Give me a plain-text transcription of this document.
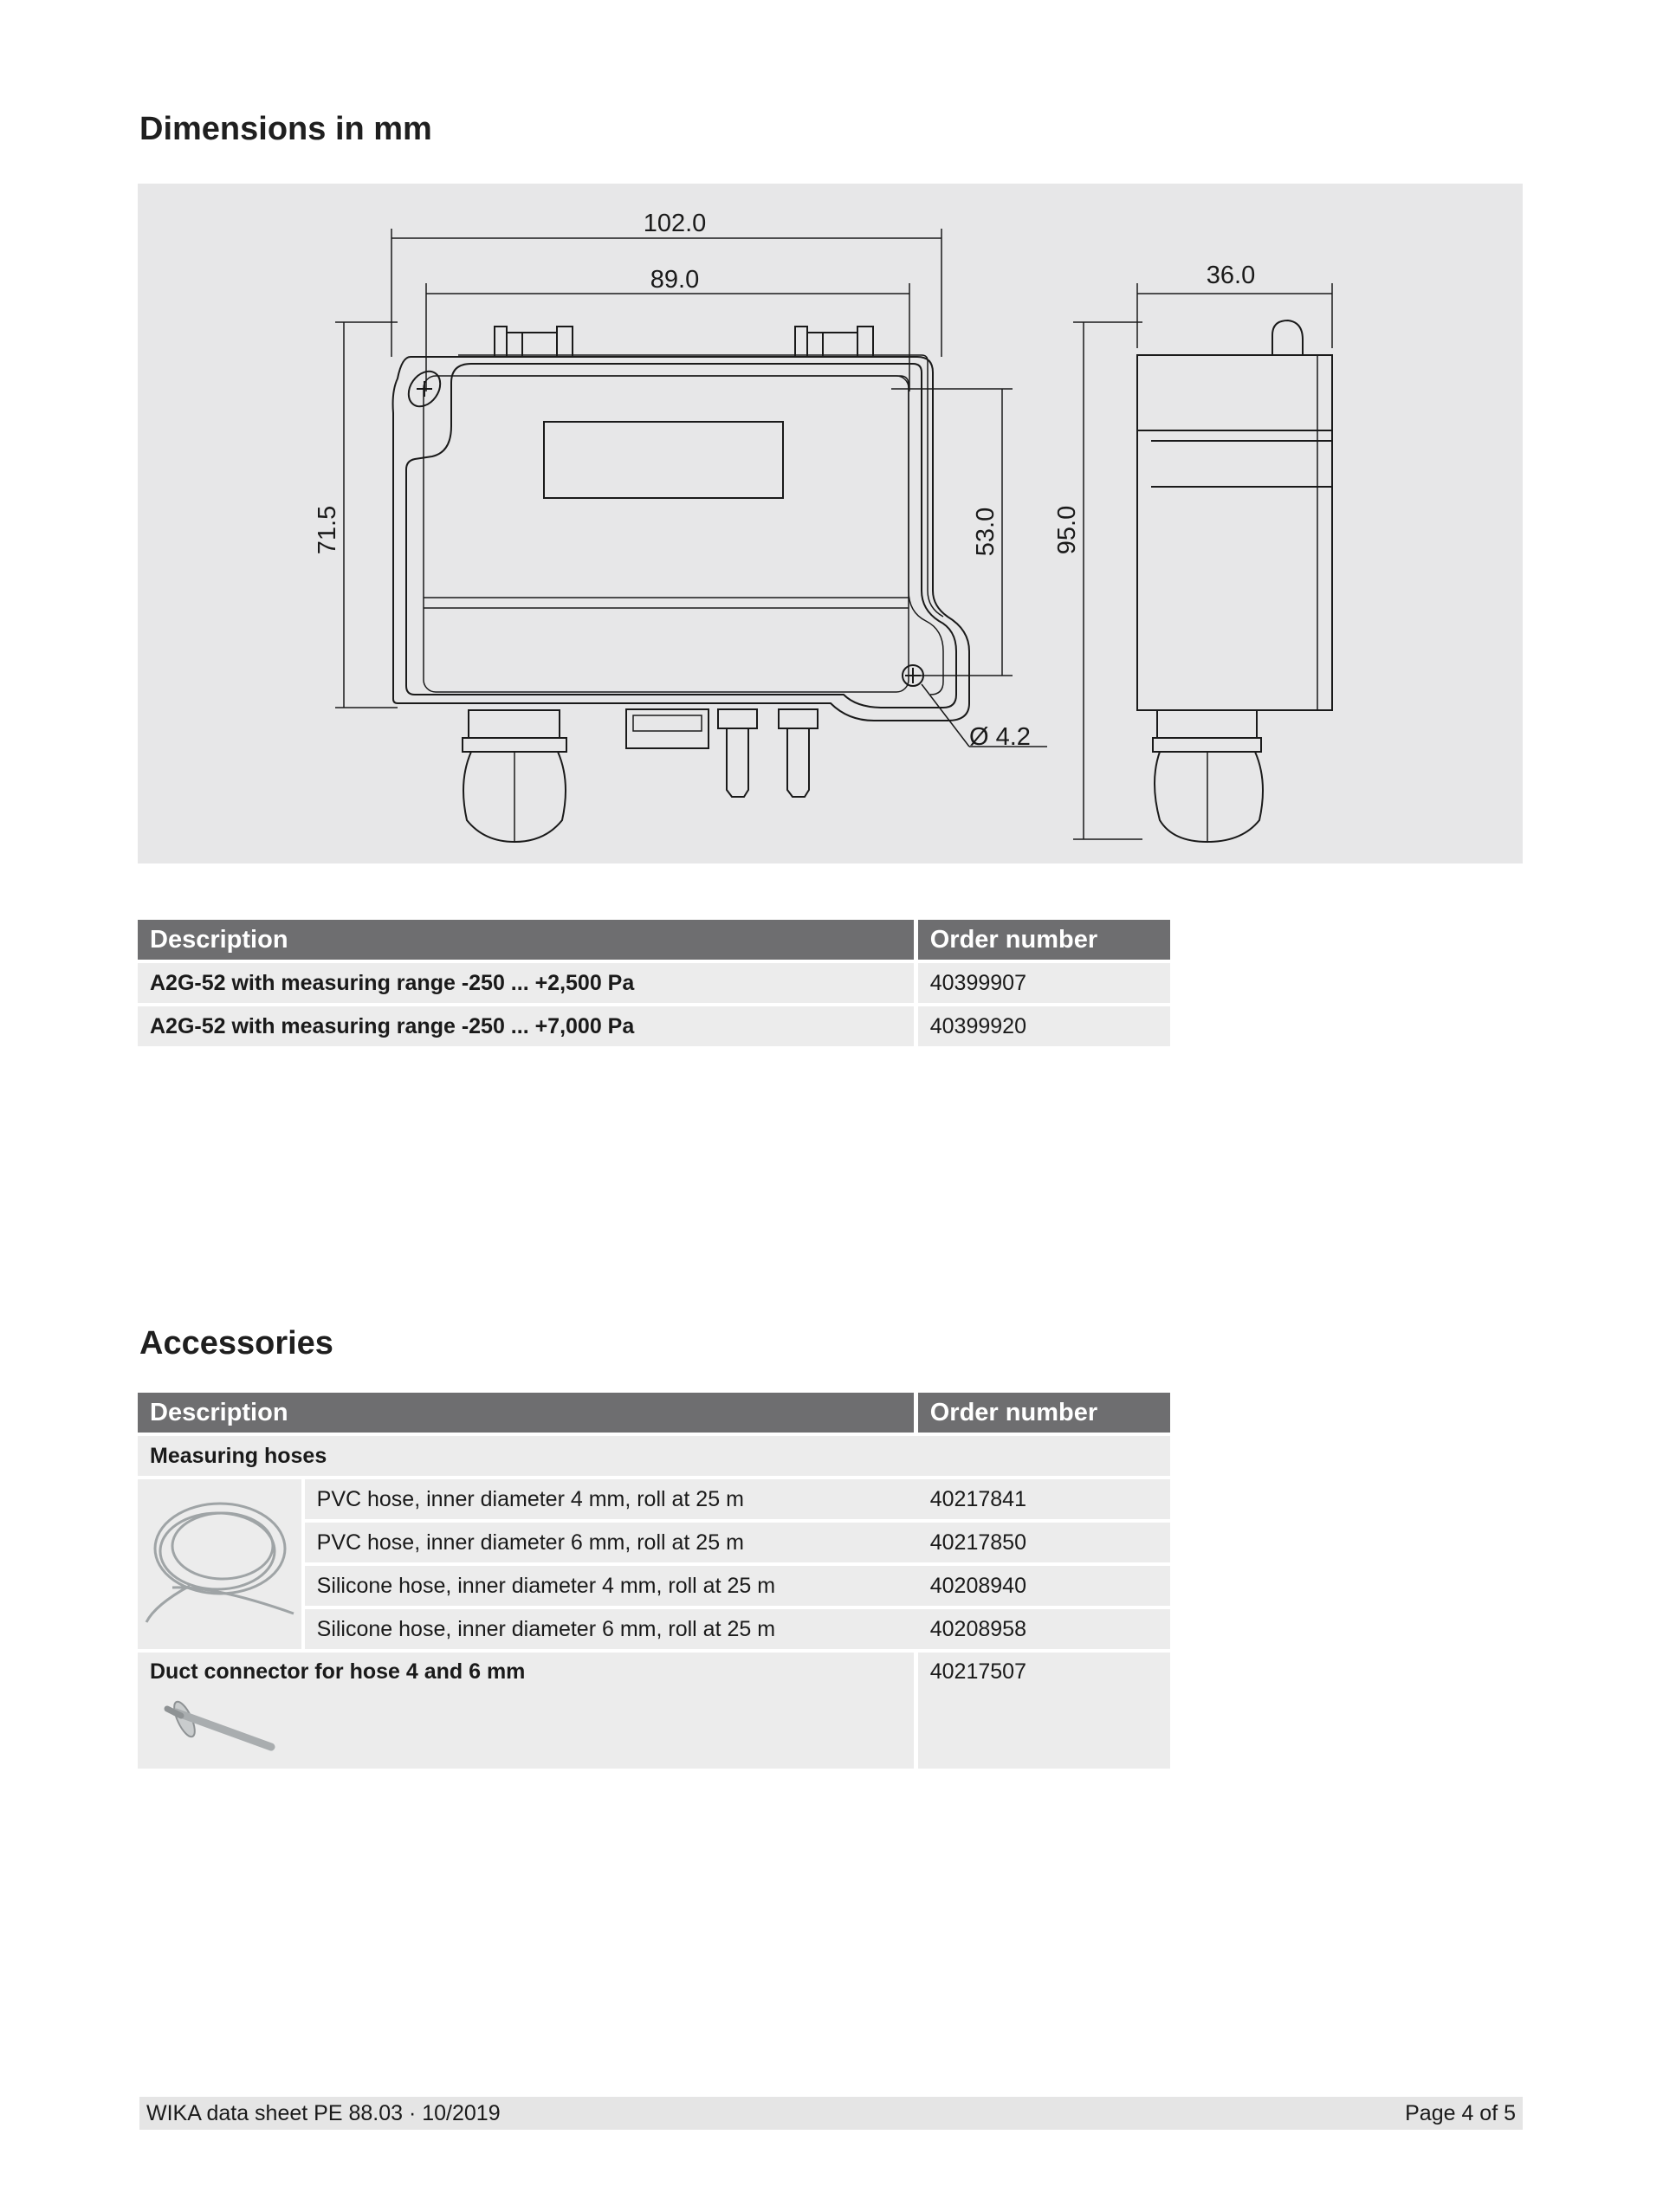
Dimensions in mm
102.0
89.0	36.0
71.5	53.0 95.0
Ø 4.2
Description	Order number
A2G-52 with measuring range -250 ... +2,500 Pa	40399907
A2G-52 with measuring range -250 ... +7,000 Pa	40399920
Accessories
Description		Order number
Measuring hoses		
	PVC hose, inner diameter 4 mm, roll at 25 m	40217841
	PVC hose, inner diameter 6 mm, roll at 25 m	40217850
	Silicone hose, inner diameter 4 mm, roll at 25 m	40208940
	Silicone hose, inner diameter 6 mm, roll at 25 m	40208958

Duct connector for hose 4 and 6 mm		40217507
WIKA data sheet PE 88.03 · 10/2019	Page 4 of 5
